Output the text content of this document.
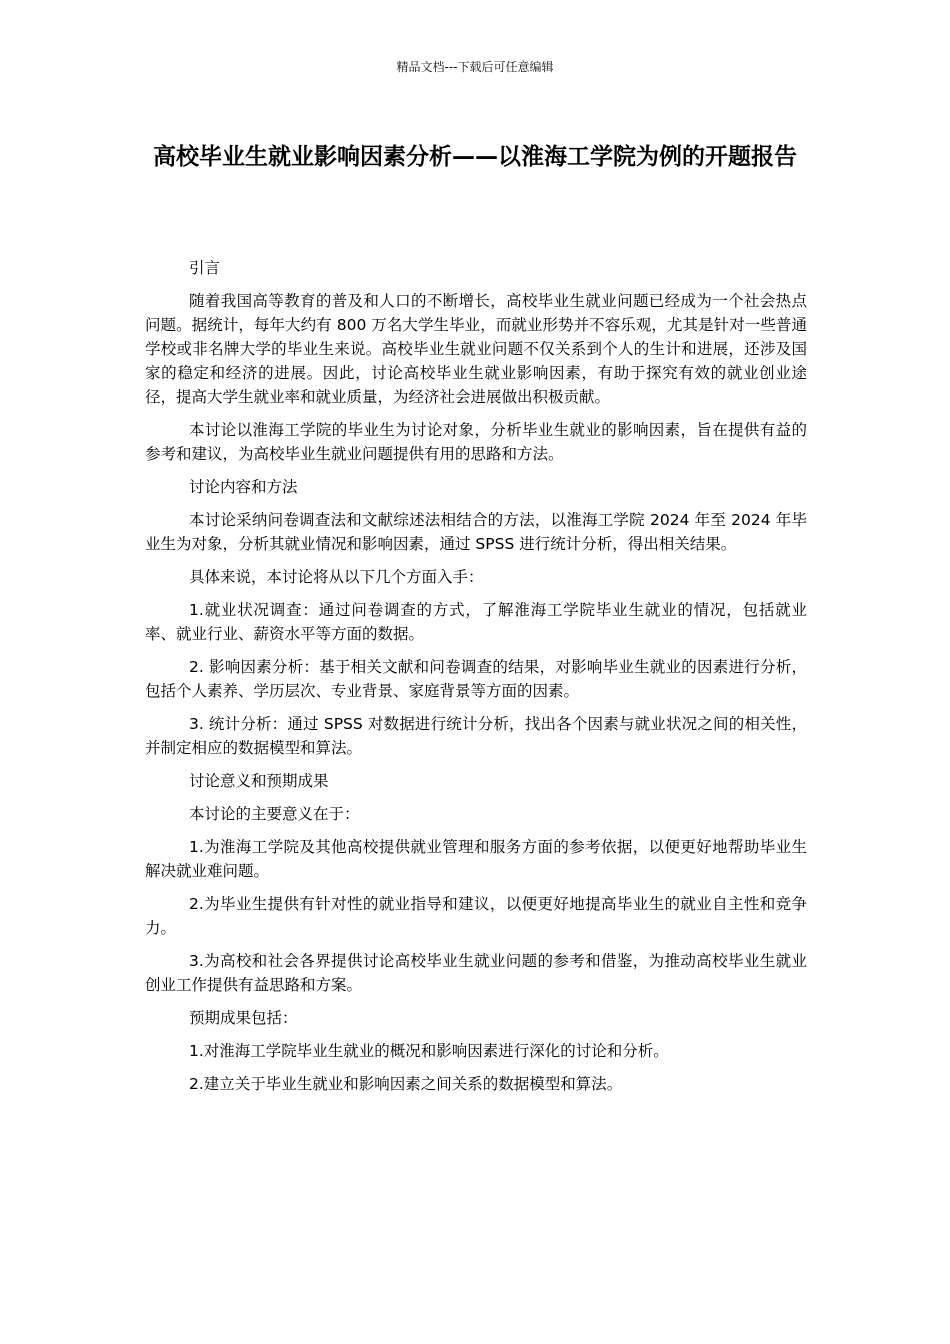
精品文档---下载后可任意编辑
高校毕业生就业影响因素分析——以淮海工学院为例的开题报告

引言

随着我国高等教育的普及和人口的不断增长，高校毕业生就业问题已经成为一个社会热点问题。据统计，每年大约有 800 万名大学生毕业，而就业形势并不容乐观，尤其是针对一些普通学校或非名牌大学的毕业生来说。高校毕业生就业问题不仅关系到个人的生计和进展，还涉及国家的稳定和经济的进展。因此，讨论高校毕业生就业影响因素，有助于探究有效的就业创业途径，提高大学生就业率和就业质量，为经济社会进展做出积极贡献。

本讨论以淮海工学院的毕业生为讨论对象，分析毕业生就业的影响因素，旨在提供有益的参考和建议，为高校毕业生就业问题提供有用的思路和方法。

讨论内容和方法

本讨论采纳问卷调查法和文献综述法相结合的方法，以淮海工学院 2024 年至 2024 年毕业生为对象，分析其就业情况和影响因素，通过 SPSS 进行统计分析，得出相关结果。

具体来说，本讨论将从以下几个方面入手：

1.就业状况调查：通过问卷调查的方式，了解淮海工学院毕业生就业的情况，包括就业率、就业行业、薪资水平等方面的数据。

2. 影响因素分析：基于相关文献和问卷调查的结果，对影响毕业生就业的因素进行分析，包括个人素养、学历层次、专业背景、家庭背景等方面的因素。

3. 统计分析：通过 SPSS 对数据进行统计分析，找出各个因素与就业状况之间的相关性，并制定相应的数据模型和算法。

讨论意义和预期成果

本讨论的主要意义在于：

1.为淮海工学院及其他高校提供就业管理和服务方面的参考依据，以便更好地帮助毕业生解决就业难问题。

2.为毕业生提供有针对性的就业指导和建议，以便更好地提高毕业生的就业自主性和竞争力。

3.为高校和社会各界提供讨论高校毕业生就业问题的参考和借鉴，为推动高校毕业生就业创业工作提供有益思路和方案。

预期成果包括：

1.对淮海工学院毕业生就业的概况和影响因素进行深化的讨论和分析。

2.建立关于毕业生就业和影响因素之间关系的数据模型和算法。
